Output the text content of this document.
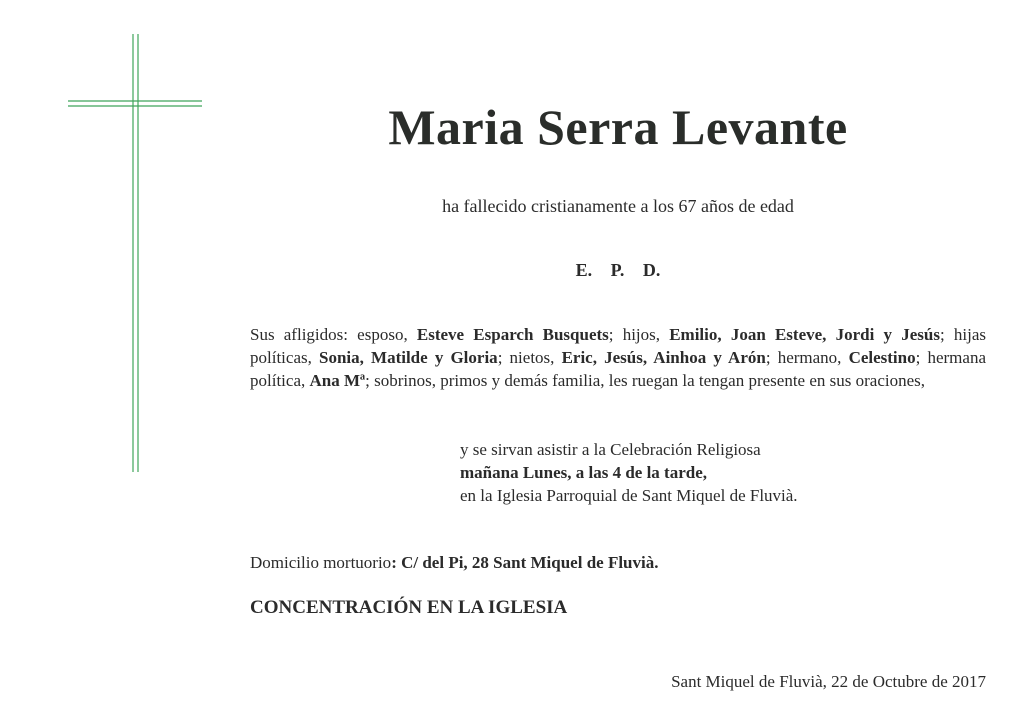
Maria Serra Levante
ha fallecido cristianamente a los 67 años de edad
E. P. D.
Sus afligidos: esposo, Esteve Esparch Busquets; hijos, Emilio, Joan Esteve, Jordi y Jesús; hijas políticas, Sonia, Matilde y Gloria; nietos, Eric, Jesús, Ainhoa y Arón; hermano, Celestino; hermana política, Ana Mª; sobrinos, primos y demás familia, les ruegan la tengan presente en sus oraciones,
y se sirvan asistir a la Celebración Religiosa
mañana Lunes, a las 4 de la tarde,
en la Iglesia Parroquial de Sant Miquel de Fluvià.
Domicilio mortuorio: C/ del Pi, 28 Sant Miquel de Fluvià.
CONCENTRACIÓN EN LA IGLESIA
Sant Miquel de Fluvià, 22 de Octubre de 2017
